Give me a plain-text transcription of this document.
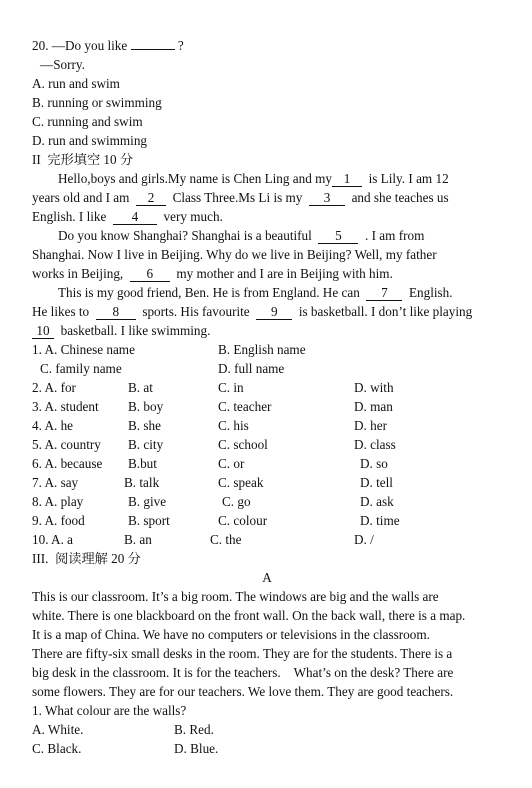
20. —Do you like	?
—Sorry.
A. run and swim
B. running or swimming
C. running and swim
D. run and swimming
II  完形填空 10 分
Hello,boys and girls.My name is Chen Ling and my 1 is Lily. I am 12
years old and I am 2 Class Three.Ms Li is my 3 and she teaches us
English. I like 4 very much.
Do you know Shanghai? Shanghai is a beautiful 5 . I am from
Shanghai. Now I live in Beijing. Why do we live in Beijing? Well, my father
works in Beijing, 6 my mother and I are in Beijing with him.
This is my good friend, Ben. He is from England. He can 7 English.
He likes to 8 sports. His favourite 9 is basketball. I don’t like playing
10 basketball. I like swimming.
1. A. Chinese name	B. English name
C. family name	D. full name
2. A. for	B. at	C. in	D. with
3. A. student B. boy	C. teacher	D. man
4. A. he	B. she	C. his	D. her
5. A. country B. city	C. school	D. class
6. A. because B.but	C. or	D. so
7. A. say	B. talk	C. speak	D. tell
8. A. play	B. give	C. go	D. ask
9. A. food	B. sport	C. colour	D. time
10. A. a	B. an	C. the	D. /
III.  阅读理解 20 分
A
This is our classroom. It’s a big room. The windows are big and the walls are
white. There is one blackboard on the front wall. On the back wall, there is a map.
It is a map of China. We have no computers or televisions in the classroom.
There are fifty-six small desks in the room. They are for the students. There is a
big desk in the classroom. It is for the teachers.    What’s on the desk? There are
some flowers. They are for our teachers. We love them. They are good teachers.
1. What colour are the walls?
A. White.	B. Red.
C. Black.	D. Blue.
